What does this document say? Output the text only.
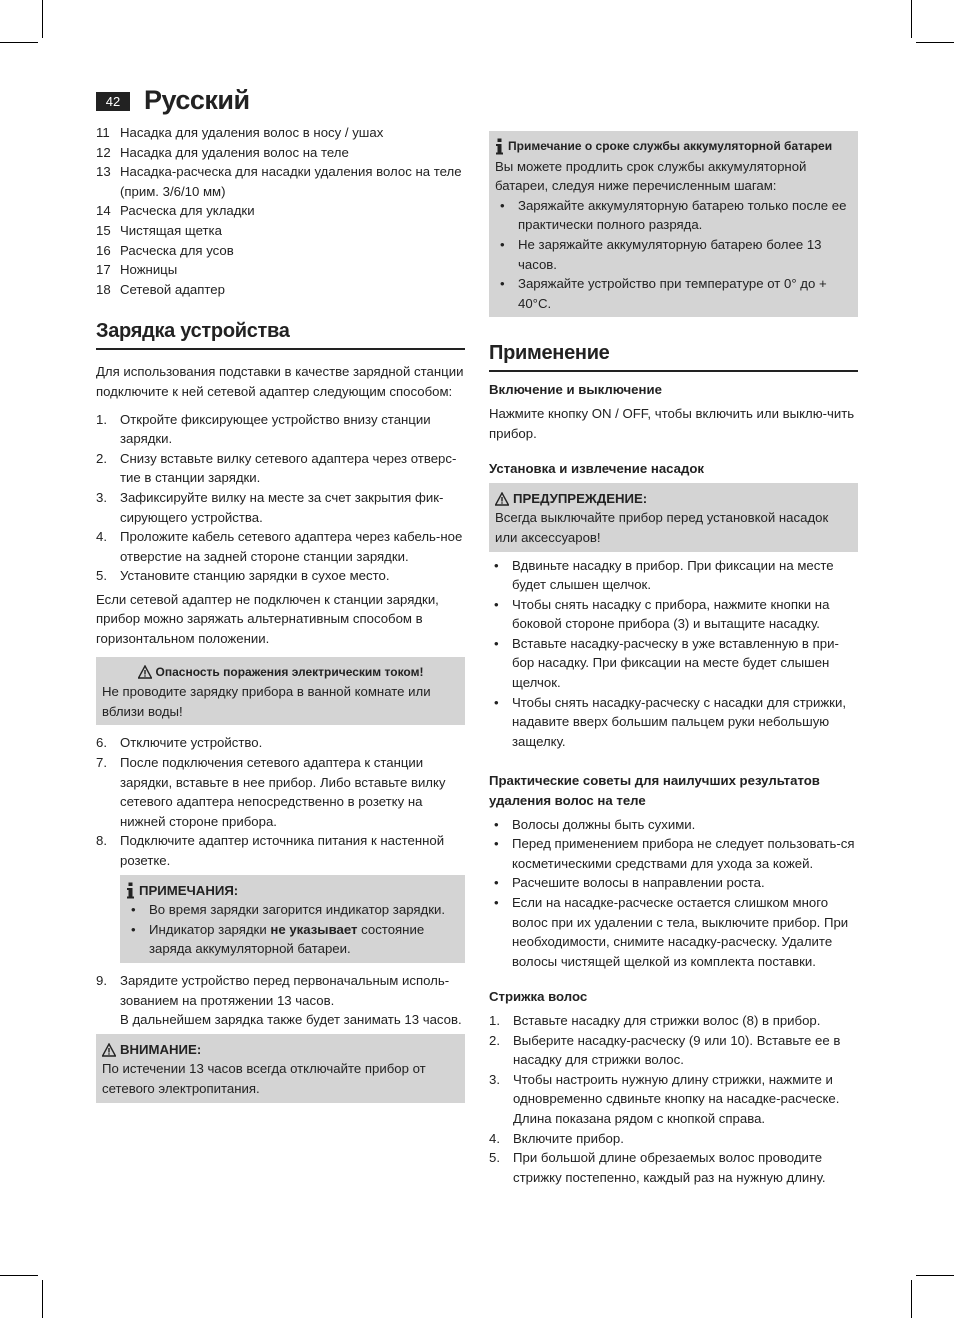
42 Русский
11 Насадка для удаления волос в носу / ушах
12 Насадка для удаления волос на теле
13 Насадка-расческа для насадки удаления волос на теле (прим. 3/6/10 мм)
14 Расческа для укладки
15 Чистящая щетка
16 Расческа для усов
17 Ножницы
18 Сетевой адаптер
Зарядка устройства

Для использования подставки в качестве зарядной станции подключите к ней сетевой адаптер следующим способом:

1. Откройте фиксирующее устройство внизу станции зарядки.
2. Снизу вставьте вилку сетевого адаптера через отверс-тие в станции зарядки.
3. Зафиксируйте вилку на месте за счет закрытия фик-сирующего устройства.
4. Проложите кабель сетевого адаптера через кабель-ное отверстие на задней стороне станции зарядки.
5. Установите станцию зарядки в сухое место.

Если сетевой адаптер не подключен к станции зарядки, прибор можно заряжать альтернативным способом в горизонтальном положении.

Опасность поражения электрическим током!

Не проводите зарядку прибора в ванной комнате или вблизи воды!

6. Отключите устройство.
7. После подключения сетевого адаптера к станции зарядки, вставьте в нее прибор. Либо вставьте вилку сетевого адаптера непосредственно в розетку на нижней стороне прибора.
8. Подключите адаптер источника питания к настенной розетке.
ПРИМЕЧАНИЯ:
•	Во время зарядки загорится индикатор зарядки.
•	Индикатор зарядки не указывает состояние заряда аккумуляторной батареи.
9. Зарядите устройство перед первоначальным исполь-зованием на протяжении 13 часов.
В дальнейшем зарядка также будет занимать 13 часов.
ВНИМАНИЕ:

По истечении 13 часов всегда отключайте прибор от сетевого электропитания.

Примечание о сроке службы аккумуляторной батареи

Вы можете продлить срок службы аккумуляторной батареи, следуя ниже перечисленным шагам:

•	Заряжайте аккумуляторную батарею только после ее практически полного разряда.
•	Не заряжайте аккумуляторную батарею более 13 часов.
•	Заряжайте устройство при температуре от 0° до + 40°С.
Применение
Включение и выключение

Нажмите кнопку ON / OFF, чтобы включить или выклю-чить прибор.

Установка и извлечение насадок
ПРЕДУПРЕЖДЕНИЕ:

Всегда выключайте прибор перед установкой насадок или аксессуаров!

•	Вдвиньте насадку в прибор. При фиксации на месте будет слышен щелчок.
•	Чтобы снять насадку с прибора, нажмите кнопки на боковой стороне прибора (3) и вытащите насадку.
•	Вставьте насадку-расческу в уже вставленную в при-бор насадку. При фиксации на месте будет слышен щелчок.
•	Чтобы снять насадку-расческу с насадки для стрижки, надавите вверх большим пальцем руки небольшую защелку.
Практические советы для наилучших результатов удаления волос на теле
•	Волосы должны быть сухими.
•	Перед применением прибора не следует пользовать-ся косметическими средствами для ухода за кожей.
•	Расчешите волосы в направлении роста.
•	Если на насадке-расческе остается слишком много волос при их удалении с тела, выключите прибор. При необходимости, снимите насадку-расческу. Удалите волосы чистящей щелкой из комплекта поставки.
Стрижка волос
1. Вставьте насадку для стрижки волос (8) в прибор.
2. Выберите насадку-расческу (9 или 10). Вставьте ее в насадку для стрижки волос.
3. Чтобы настроить нужную длину стрижки, нажмите и одновременно сдвиньте кнопку на насадке-расческе. Длина показана рядом с кнопкой справа.
4. Включите прибор.
5. При большой длине обрезаемых волос проводите стрижку постепенно, каждый раз на нужную длину.
